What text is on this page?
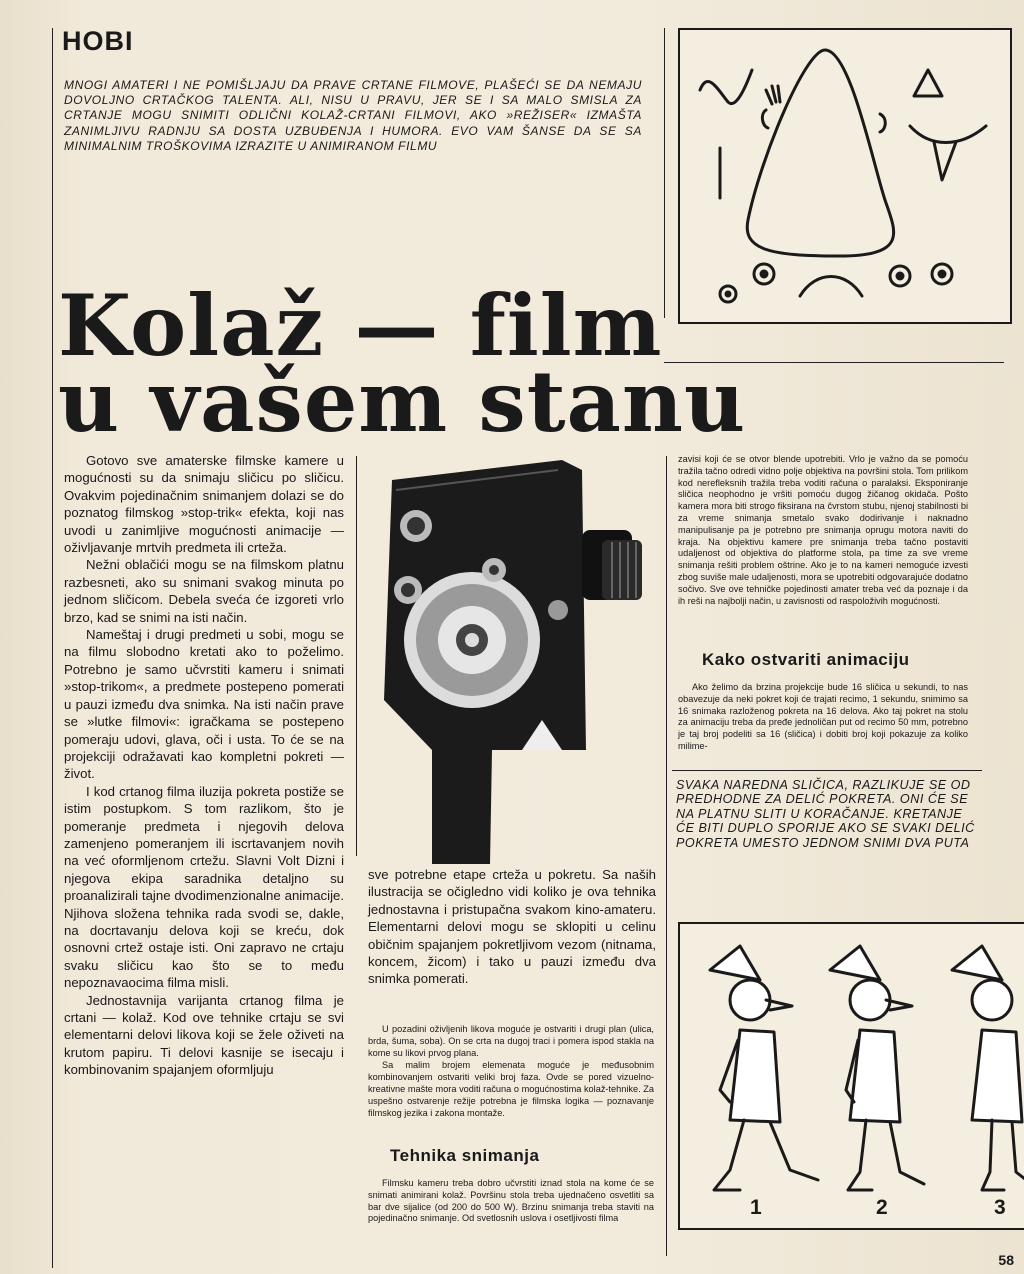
HOBI

MNOGI AMATERI I NE POMIŠLJAJU DA PRAVE CRTANE FILMOVE, PLAŠEĆI SE DA NEMAJU DOVOLJNO CRTAČKOG TALENTA. ALI, NISU U PRAVU, JER SE I SA MALO SMISLA ZA CRTANJE MOGU SNIMITI ODLIČNI KOLAŽ-CRTANI FILMOVI, AKO »REŽISER« IZMAŠTA ZANIMLJIVU RADNJU SA DOSTA UZBUĐENJA I HUMORA. EVO VAM ŠANSE DA SE SA MINIMALNIM TROŠKOVIMA IZRAZITE U ANIMIRANOM FILMU

Kolaž — film
u vašem stanu

Gotovo sve amaterske filmske kamere u mogućnosti su da snimaju sličicu po sličicu. Ovakvim pojedinačnim snimanjem dolazi se do poznatog filmskog »stop-trik« efekta, koji nas uvodi u zanimljive mogućnosti animacije — oživljavanje mrtvih predmeta ili crteža.

Nežni oblačići mogu se na filmskom platnu razbesneti, ako su snimani svakog minuta po jednom sličicom. Debela sveća će izgoreti vrlo brzo, kad se snimi na isti način.

Nameštaj i drugi predmeti u sobi, mogu se na filmu slobodno kretati ako to poželimo. Potrebno je samo učvrstiti kameru i snimati »stop-trikom«, a predmete postepeno pomerati u pauzi između dva snimka. Na isti način prave se »lutke filmovi«: igračkama se postepeno pomeraju udovi, glava, oči i usta. To će se na projekciji odražavati kao kompletni pokreti — život.

I kod crtanog filma iluzija pokreta postiže se istim postupkom. S tom razlikom, što je pomeranje predmeta i njegovih delova zamenjeno pomeranjem ili iscrtavanjem novih na već oformljenom crtežu. Slavni Volt Dizni i njegova ekipa saradnika detaljno su proanalizirali tajne dvodimenzionalne animacije. Njihova složena tehnika rada svodi se, dakle, na docrtavanju delova koji se kreću, dok osnovni crtež ostaje isti. Oni zapravo ne crtaju svaku sličicu kao što se to među nepoznavaocima filma misli.

Jednostavnija varijanta crtanog filma je crtani — kolaž. Kod ove tehnike crtaju se svi elementarni delovi likova koji se žele oživeti na krutom papiru. Ti delovi kasnije se isecaju i kombinovanim spajanjem oformljuju

sve potrebne etape crteža u pokretu. Sa naših ilustracija se očigledno vidi koliko je ova tehnika jednostavna i pristupačna svakom kino-amateru. Elementarni delovi mogu se sklopiti u celinu običnim spajanjem pokretljivom vezom (nitnama, koncem, žicom) i tako u pauzi između dva snimka pomerati.

U pozadini oživljenih likova moguće je ostvariti i drugi plan (ulica, brda, šuma, soba). On se crta na dugoj traci i pomera ispod stakla na kome su likovi prvog plana.

Sa malim brojem elemenata moguće je međusobnim kombinovanjem ostvariti veliki broj faza. Ovde se pored vizuelno-kreativne mašte mora voditi računa o mogućnostima kolaž-tehnike. Za uspešno ostvarenje režije potrebna je filmska logika — poznavanje filmskog jezika i zakona montaže.

Tehnika snimanja

Filmsku kameru treba dobro učvrstiti iznad stola na kome će se snimati animirani kolaž. Površinu stola treba ujednačeno osvetliti sa bar dve sijalice (od 200 do 500 W). Brzinu snimanja treba staviti na pojedinačno snimanje. Od svetlosnih uslova i osetljivosti filma

zavisi koji će se otvor blende upotrebiti. Vrlo je važno da se pomoću tražila tačno odredi vidno polje objektiva na površini stola. Tom prilikom kod nerefleksnih tražila treba voditi računa o paralaksi. Eksponiranje sličica neophodno je vršiti pomoću dugog žičanog okidača. Pošto kamera mora biti strogo fiksirana na čvrstom stubu, njenoj stabilnosti bi za vreme snimanja smetalo svako dodirivanje i naknadno manipulisanje pa je potrebno pre snimanja oprugu motora naviti do kraja. Na objektivu kamere pre snimanja treba tačno postaviti udaljenost od objektiva do platforme stola, pa time za sve vreme snimanja rešiti problem oštrine. Ako je to na kameri nemoguće izvesti zbog suviše male udaljenosti, mora se upotrebiti odgovarajuće dodatno sočivo. Sve ove tehničke pojedinosti amater treba već da poznaje i da ih reši na najbolji način, u zavisnosti od raspoloživih mogućnosti.

Kako ostvariti animaciju

Ako želimo da brzina projekcije bude 16 sličica u sekundi, to nas obavezuje da neki pokret koji će trajati recimo, 1 sekundu, snimimo sa 16 snimaka razloženog pokreta na 16 delova. Ako taj pokret na stolu za animaciju treba da pređe jednoličan put od recimo 50 mm, potrebno je taj broj podeliti sa 16 (sličica) i dobiti broj koji pokazuje za koliko milime-

SVAKA NAREDNA SLIČICA, RAZLIKUJE SE OD PREDHODNE ZA DELIĆ POKRETA. ONI ĆE SE NA PLATNU SLITI U KORAČANJE. KRETANJE ĆE BITI DUPLO SPORIJE AKO SE SVAKI DELIĆ POKRETA UMESTO JEDNOM SNIMI DVA PUTA

1	2	3
58
